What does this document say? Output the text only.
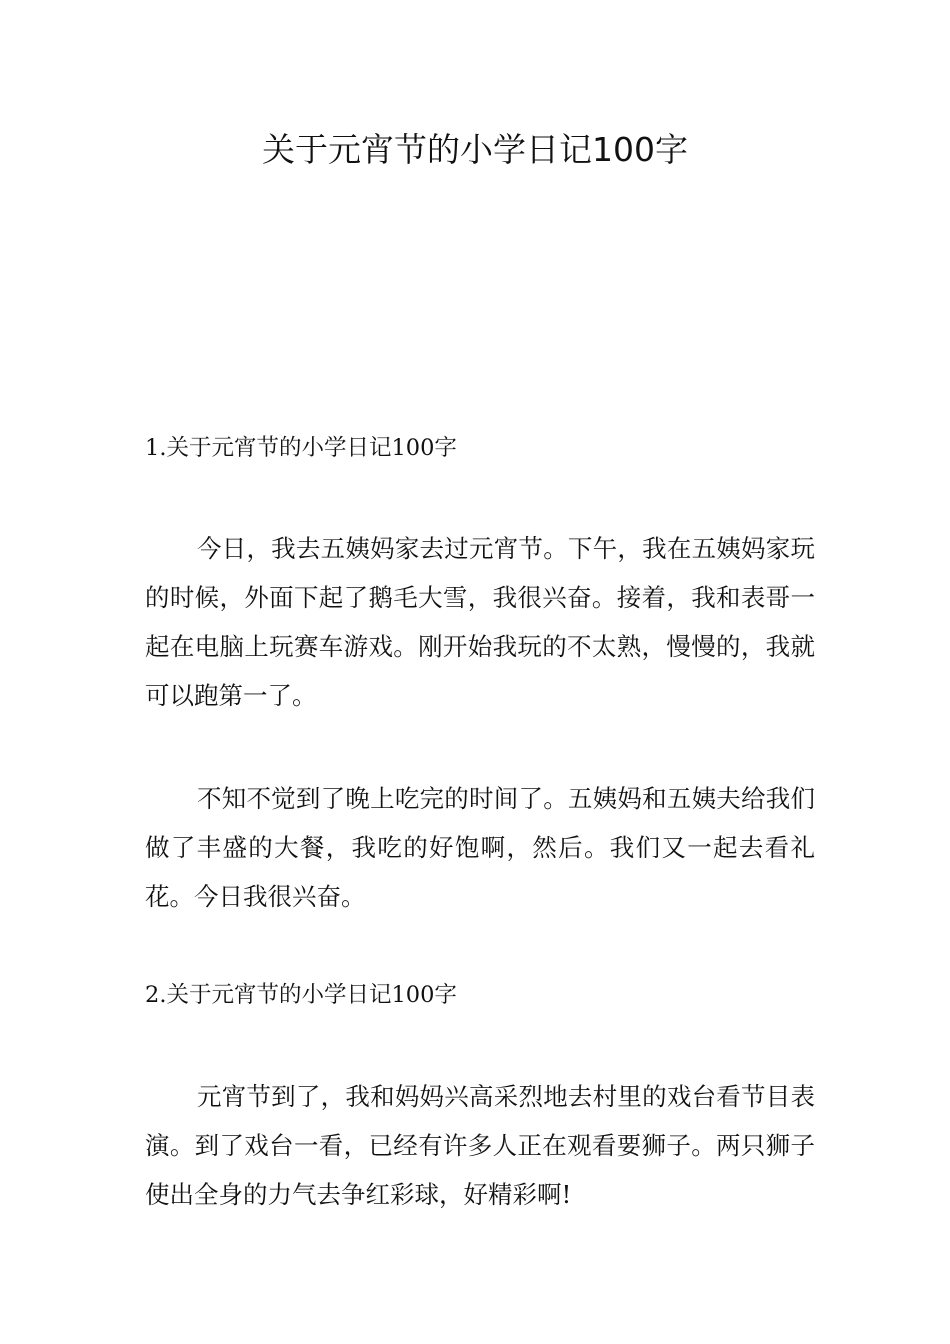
关于元宵节的小学日记100字

1.关于元宵节的小学日记100字

今日，我去五姨妈家去过元宵节。下午，我在五姨妈家玩的时候，外面下起了鹅毛大雪，我很兴奋。接着，我和表哥一起在电脑上玩赛车游戏。刚开始我玩的不太熟，慢慢的，我就可以跑第一了。

不知不觉到了晚上吃完的时间了。五姨妈和五姨夫给我们做了丰盛的大餐，我吃的好饱啊，然后。我们又一起去看礼花。今日我很兴奋。

2.关于元宵节的小学日记100字

元宵节到了，我和妈妈兴高采烈地去村里的戏台看节目表演。到了戏台一看，已经有许多人正在观看要狮子。两只狮子使出全身的力气去争红彩球，好精彩啊!
